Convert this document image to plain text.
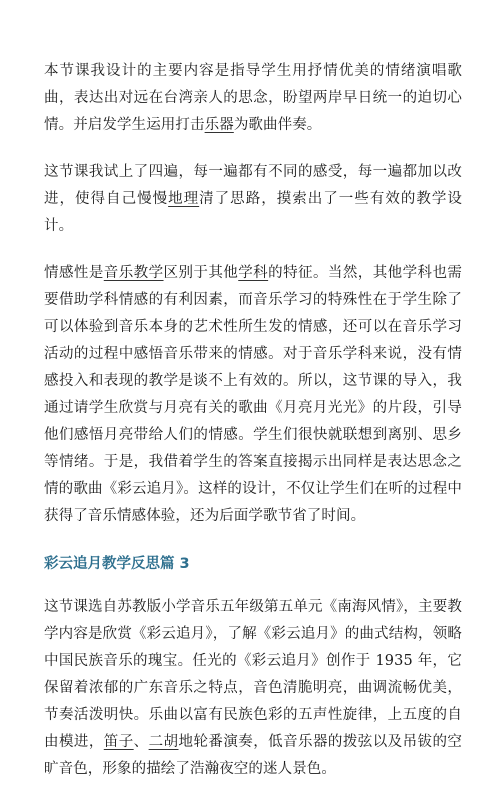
本节课我设计的主要内容是指导学生用抒情优美的情绪演唱歌曲，表达出对远在台湾亲人的思念，盼望两岸早日统一的迫切心情。并启发学生运用打击乐器为歌曲伴奏。

这节课我试上了四遍，每一遍都有不同的感受，每一遍都加以改进，使得自己慢慢地理清了思路，摸索出了一些有效的教学设计。

情感性是音乐教学区别于其他学科的特征。当然，其他学科也需要借助学科情感的有利因素，而音乐学习的特殊性在于学生除了可以体验到音乐本身的艺术性所生发的情感，还可以在音乐学习活动的过程中感悟音乐带来的情感。对于音乐学科来说，没有情感投入和表现的教学是谈不上有效的。所以，这节课的导入，我通过请学生欣赏与月亮有关的歌曲《月亮月光光》的片段，引导他们感悟月亮带给人们的情感。学生们很快就联想到离别、思乡等情绪。于是，我借着学生的答案直接揭示出同样是表达思念之情的歌曲《彩云追月》。这样的设计，不仅让学生们在听的过程中获得了音乐情感体验，还为后面学歌节省了时间。

彩云追月教学反思篇 3

这节课选自苏教版小学音乐五年级第五单元《南海风情》，主要教学内容是欣赏《彩云追月》，了解《彩云追月》的曲式结构，领略中国民族音乐的瑰宝。任光的《彩云追月》创作于 1935 年，它保留着浓郁的广东音乐之特点，音色清脆明亮，曲调流畅优美，节奏活泼明快。乐曲以富有民族色彩的五声性旋律，上五度的自由模进，笛子、二胡地轮番演奏，低音乐器的拨弦以及吊钹的空旷音色，形象的描绘了浩瀚夜空的迷人景色。
